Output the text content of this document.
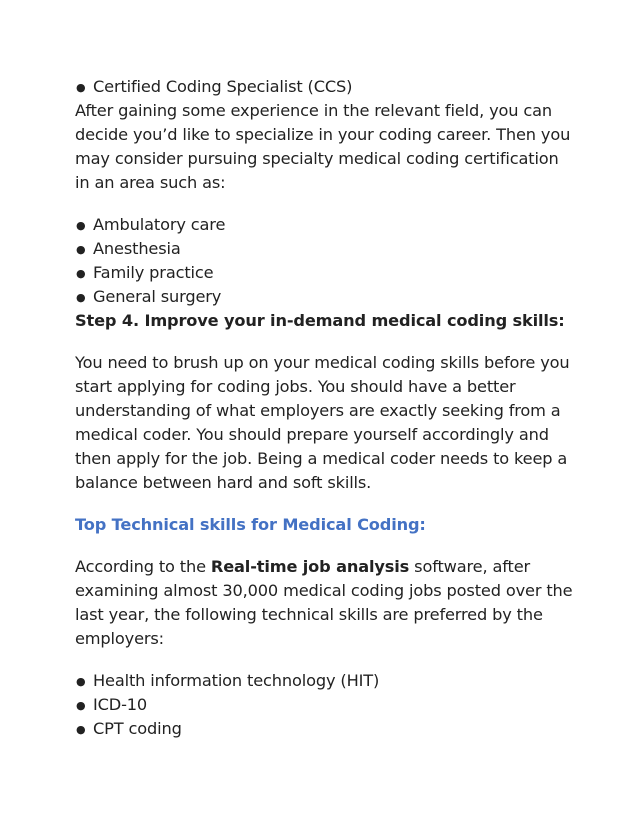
● Certified Coding Specialist (CCS)

After gaining some experience in the relevant field, you can decide you’d like to specialize in your coding career. Then you may consider pursuing specialty medical coding certification in an area such as:

● Ambulatory care
● Anesthesia
● Family practice
● General surgery
Step 4. Improve your in-demand medical coding skills:

You need to brush up on your medical coding skills before you start applying for coding jobs. You should have a better understanding of what employers are exactly seeking from a medical coder. You should prepare yourself accordingly and then apply for the job. Being a medical coder needs to keep a balance between hard and soft skills.

Top Technical skills for Medical Coding:

According to the Real-time job analysis software, after examining almost 30,000 medical coding jobs posted over the last year, the following technical skills are preferred by the employers:

● Health information technology (HIT)
● ICD-10
● CPT coding
